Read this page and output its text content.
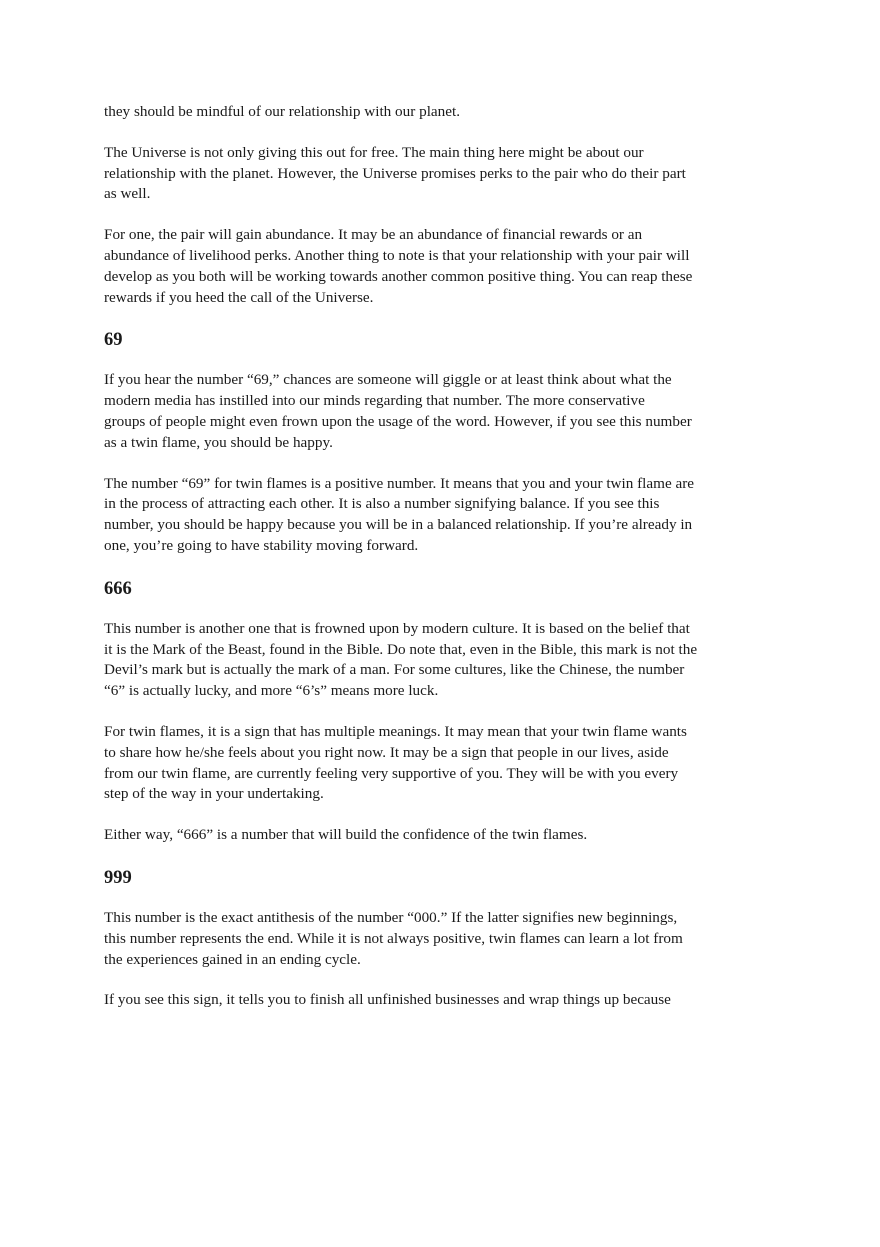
they should be mindful of our relationship with our planet.

The Universe is not only giving this out for free. The main thing here might be about our
relationship with the planet. However, the Universe promises perks to the pair who do their part
as well.

For one, the pair will gain abundance. It may be an abundance of financial rewards or an
abundance of livelihood perks. Another thing to note is that your relationship with your pair will
develop as you both will be working towards another common positive thing. You can reap these
rewards if you heed the call of the Universe.

69

If you hear the number “69,” chances are someone will giggle or at least think about what the
modern media has instilled into our minds regarding that number. The more conservative
groups of people might even frown upon the usage of the word. However, if you see this number
as a twin flame, you should be happy.

The number “69” for twin flames is a positive number. It means that you and your twin flame are
in the process of attracting each other. It is also a number signifying balance. If you see this
number, you should be happy because you will be in a balanced relationship. If you’re already in
one, you’re going to have stability moving forward.

666

This number is another one that is frowned upon by modern culture. It is based on the belief that
it is the Mark of the Beast, found in the Bible. Do note that, even in the Bible, this mark is not the
Devil’s mark but is actually the mark of a man. For some cultures, like the Chinese, the number
“6” is actually lucky, and more “6’s” means more luck.

For twin flames, it is a sign that has multiple meanings. It may mean that your twin flame wants
to share how he/she feels about you right now. It may be a sign that people in our lives, aside
from our twin flame, are currently feeling very supportive of you. They will be with you every
step of the way in your undertaking.

Either way, “666” is a number that will build the confidence of the twin flames.

999

This number is the exact antithesis of the number “000.” If the latter signifies new beginnings,
this number represents the end. While it is not always positive, twin flames can learn a lot from
the experiences gained in an ending cycle.

If you see this sign, it tells you to finish all unfinished businesses and wrap things up because
